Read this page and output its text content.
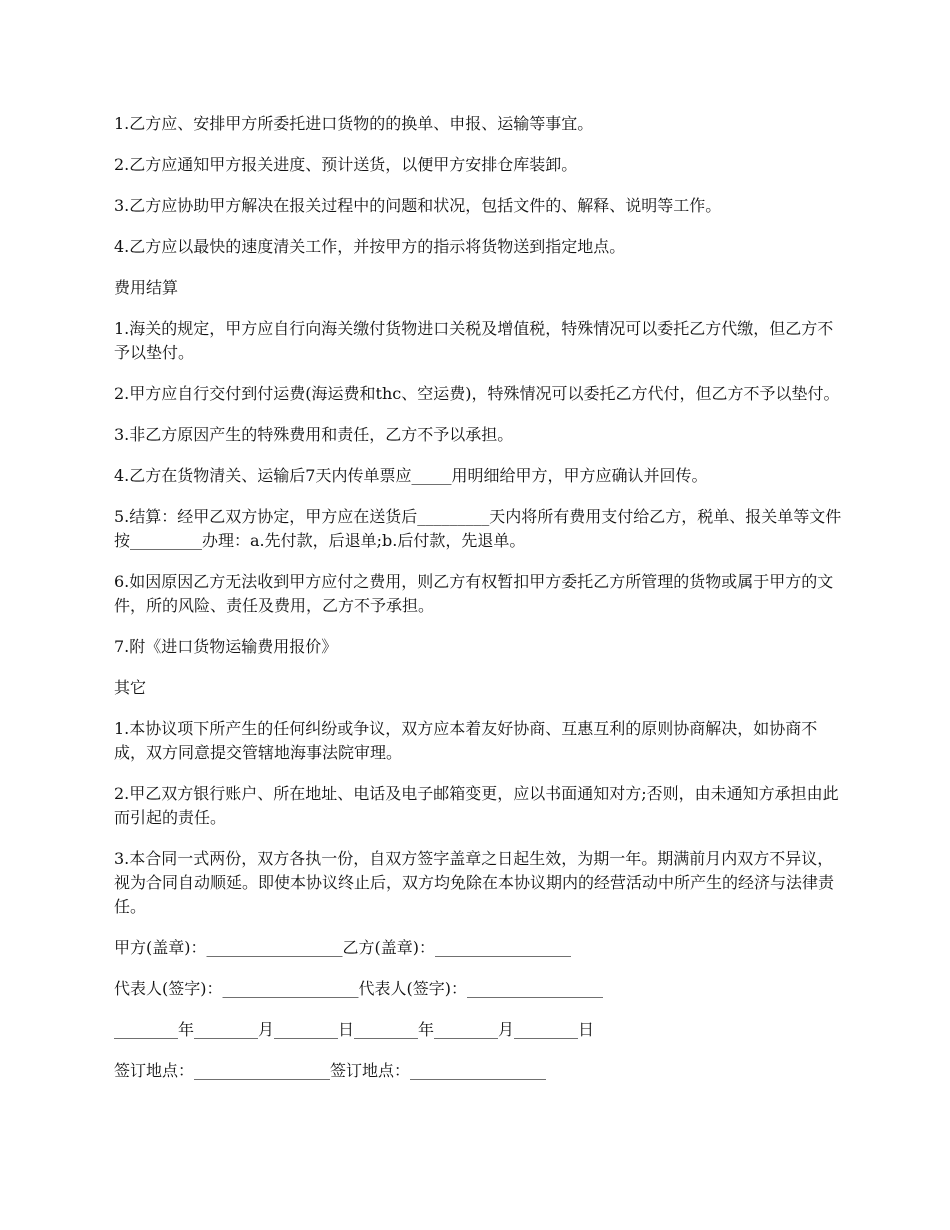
1.乙方应、安排甲方所委托进口货物的的换单、申报、运输等事宜。

2.乙方应通知甲方报关进度、预计送货，以便甲方安排仓库装卸。

3.乙方应协助甲方解决在报关过程中的问题和状况，包括文件的、解释、说明等工作。

4.乙方应以最快的速度清关工作，并按甲方的指示将货物送到指定地点。

费用结算

1.海关的规定，甲方应自行向海关缴付货物进口关税及增值税，特殊情况可以委托乙方代缴，但乙方不予以垫付。

2.甲方应自行交付到付运费(海运费和thc、空运费)，特殊情况可以委托乙方代付，但乙方不予以垫付。

3.非乙方原因产生的特殊费用和责任，乙方不予以承担。

4.乙方在货物清关、运输后7天内传单票应_____用明细给甲方，甲方应确认并回传。

5.结算：经甲乙双方协定，甲方应在送货后_________天内将所有费用支付给乙方，税单、报关单等文件按_________办理：a.先付款，后退单;b.后付款，先退单。

6.如因原因乙方无法收到甲方应付之费用，则乙方有权暂扣甲方委托乙方所管理的货物或属于甲方的文件，所的风险、责任及费用，乙方不予承担。

7.附《进口货物运输费用报价》

其它

1.本协议项下所产生的任何纠纷或争议，双方应本着友好协商、互惠互利的原则协商解决，如协商不成，双方同意提交管辖地海事法院审理。

2.甲乙双方银行账户、所在地址、电话及电子邮箱变更，应以书面通知对方;否则，由未通知方承担由此而引起的责任。

3.本合同一式两份，双方各执一份，自双方签字盖章之日起生效，为期一年。期满前月内双方不异议，视为合同自动顺延。即使本协议终止后，双方均免除在本协议期内的经营活动中所产生的经济与法律责任。

甲方(盖章)：_________________乙方(盖章)：_________________

代表人(签字)：_________________代表人(签字)：_________________

________年________月________日________年________月________日

签订地点：_________________签订地点：_________________
